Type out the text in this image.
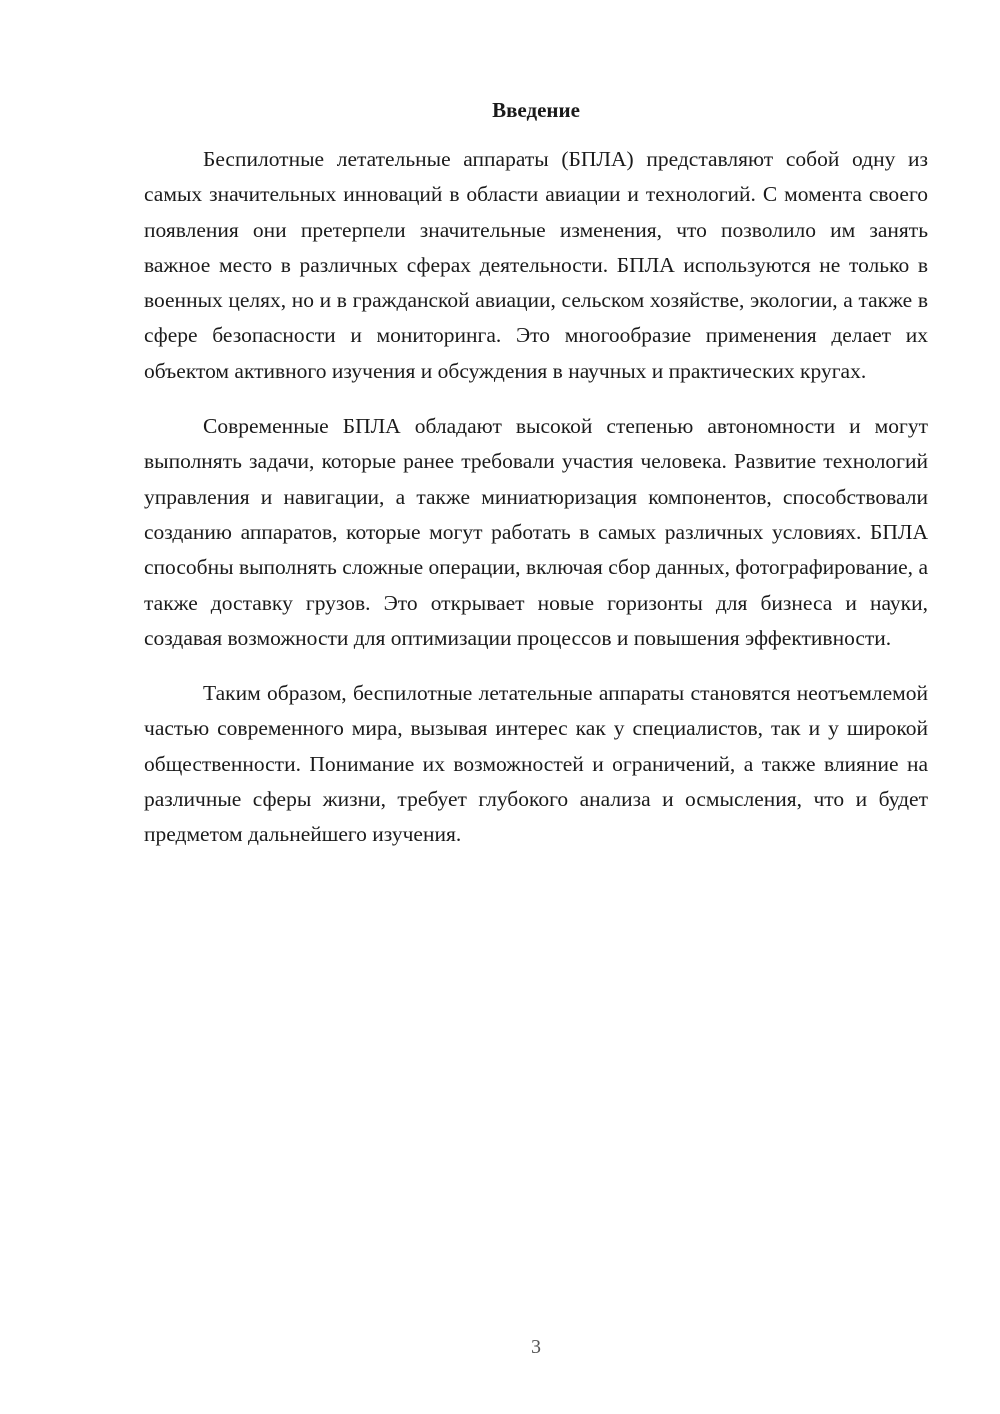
Введение

Беспилотные летательные аппараты (БПЛА) представляют собой одну из самых значительных инноваций в области авиации и технологий. С момента своего появления они претерпели значительные изменения, что позволило им занять важное место в различных сферах деятельности. БПЛА используются не только в военных целях, но и в гражданской авиации, сельском хозяйстве, экологии, а также в сфере безопасности и мониторинга. Это многообразие применения делает их объектом активного изучения и обсуждения в научных и практических кругах.

Современные БПЛА обладают высокой степенью автономности и могут выполнять задачи, которые ранее требовали участия человека. Развитие технологий управления и навигации, а также миниатюризация компонентов, способствовали созданию аппаратов, которые могут работать в самых различных условиях. БПЛА способны выполнять сложные операции, включая сбор данных, фотографирование, а также доставку грузов. Это открывает новые горизонты для бизнеса и науки, создавая возможности для оптимизации процессов и повышения эффективности.

Таким образом, беспилотные летательные аппараты становятся неотъемлемой частью современного мира, вызывая интерес как у специалистов, так и у широкой общественности. Понимание их возможностей и ограничений, а также влияние на различные сферы жизни, требует глубокого анализа и осмысления, что и будет предметом дальнейшего изучения.

3
